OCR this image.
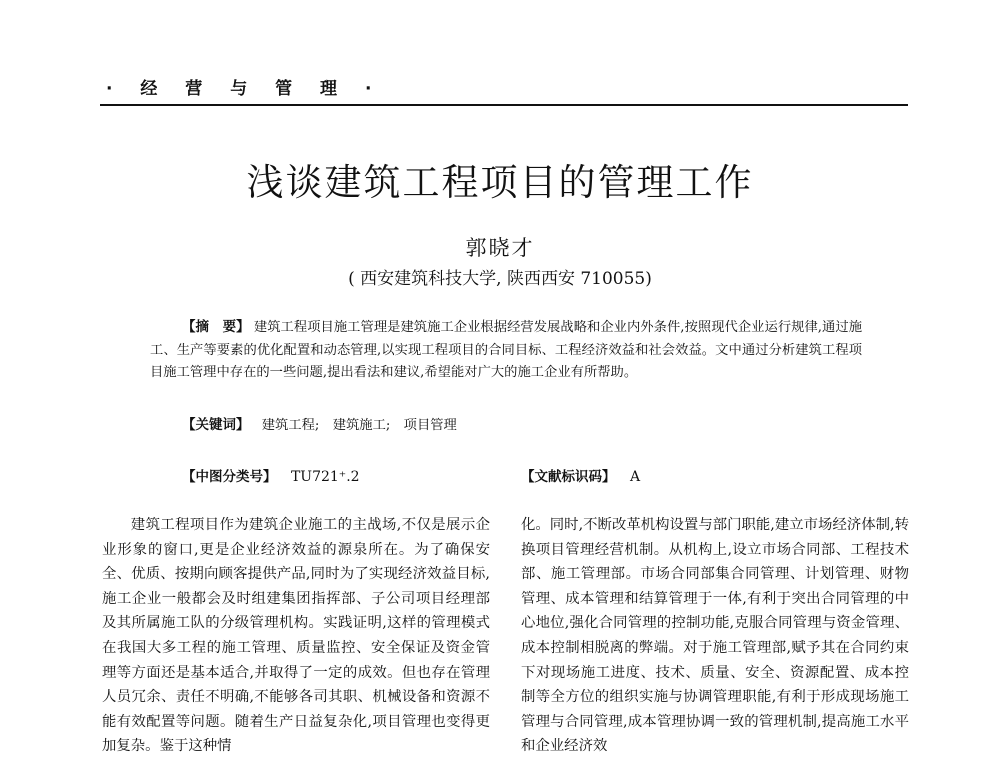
· 经 营 与 管 理 ·
浅谈建筑工程项目的管理工作
郭晓才
( 西安建筑科技大学, 陕西西安 710055)
【摘　要】 建筑工程项目施工管理是建筑施工企业根据经营发展战略和企业内外条件,按照现代企业运行规律,通过施工、生产等要素的优化配置和动态管理,以实现工程项目的合同目标、工程经济效益和社会效益。文中通过分析建筑工程项目施工管理中存在的一些问题,提出看法和建议,希望能对广大的施工企业有所帮助。
【关键词】 建筑工程;　建筑施工;　项目管理
【中图分类号】 TU721⁺.2	【文献标识码】 A

建筑工程项目作为建筑企业施工的主战场,不仅是展示企业形象的窗口,更是企业经济效益的源泉所在。为了确保安全、优质、按期向顾客提供产品,同时为了实现经济效益目标,施工企业一般都会及时组建集团指挥部、子公司项目经理部及其所属施工队的分级管理机构。实践证明,这样的管理模式在我国大多工程的施工管理、质量监控、安全保证及资金管理等方面还是基本适合,并取得了一定的成效。但也存在管理人员冗余、责任不明确,不能够各司其职、机械设备和资源不能有效配置等问题。随着生产日益复杂化,项目管理也变得更加复杂。鉴于这种情

化。同时,不断改革机构设置与部门职能,建立市场经济体制,转换项目管理经营机制。从机构上,设立市场合同部、工程技术部、施工管理部。市场合同部集合同管理、计划管理、财物管理、成本管理和结算管理于一体,有利于突出合同管理的中心地位,强化合同管理的控制功能,克服合同管理与资金管理、成本控制相脱离的弊端。对于施工管理部,赋予其在合同约束下对现场施工进度、技术、质量、安全、资源配置、成本控制等全方位的组织实施与协调管理职能,有利于形成现场施工管理与合同管理,成本管理协调一致的管理机制,提高施工水平和企业经济效
